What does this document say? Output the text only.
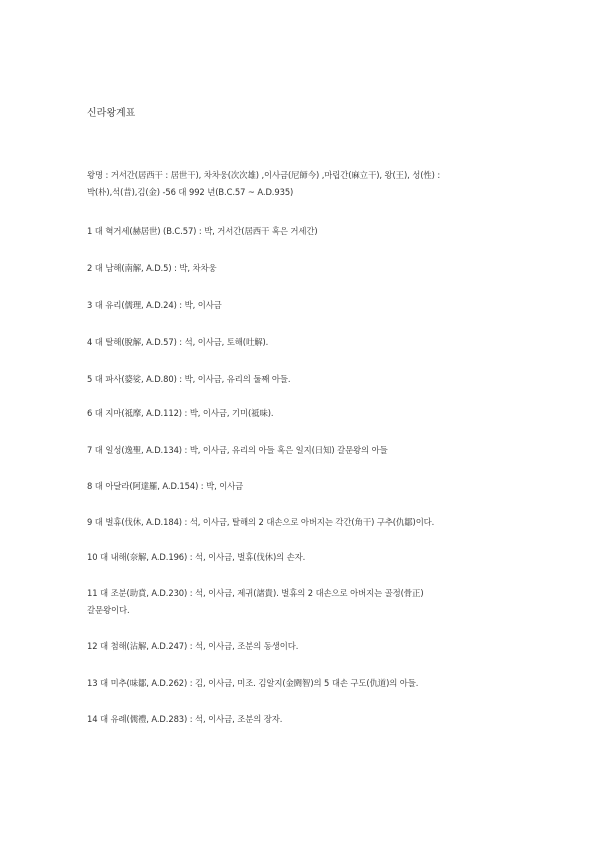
신라왕계표
왕명 : 거서간(居西干 : 居世干), 차차웅(次次雄) ,이사금(尼師今) ,마립간(麻立干), 왕(王), 성(性) :
박(朴),석(昔),김(金) -56 대 992 년(B.C.57 ~ A.D.935)
1 대 혁거세(赫居世) (B.C.57) : 박, 거서간(居西干 혹은 거세간)
2 대 남해(南解, A.D.5) : 박, 차차웅
3 대 유리(儒理, A.D.24) : 박, 이사금
4 대 탈해(脫解, A.D.57) : 석, 이사금, 토해(吐解).
5 대 파사(婆娑, A.D.80) : 박, 이사금, 유리의 둘째 아들.
6 대 지마(祗摩, A.D.112) : 박, 이사금, 기미(祗味).
7 대 일성(逸聖, A.D.134) : 박, 이사금, 유리의 아들 혹은 일지(日知) 갈문왕의 아들
8 대 아달라(阿達羅, A.D.154) : 박, 이사금
9 대 벌휴(伐休, A.D.184) : 석, 이사금, 탈해의 2 대손으로 아버지는 각간(角干) 구추(仇鄒)이다.
10 대 내해(奈解, A.D.196) : 석, 이사금, 벌휴(伐休)의 손자.
11 대 조분(助賁, A.D.230) : 석, 이사금, 제귀(諸貴). 벌휴의 2 대손으로 아버지는 골정(骨正)
갈문왕이다.
12 대 첨해(沾解, A.D.247) : 석, 이사금, 조분의 동생이다.
13 대 미추(味鄒, A.D.262) : 김, 이사금, 미조. 김알지(金閼智)의 5 대손 구도(仇道)의 아들.
14 대 유례(儒禮, A.D.283) : 석, 이사금, 조분의 장자.
